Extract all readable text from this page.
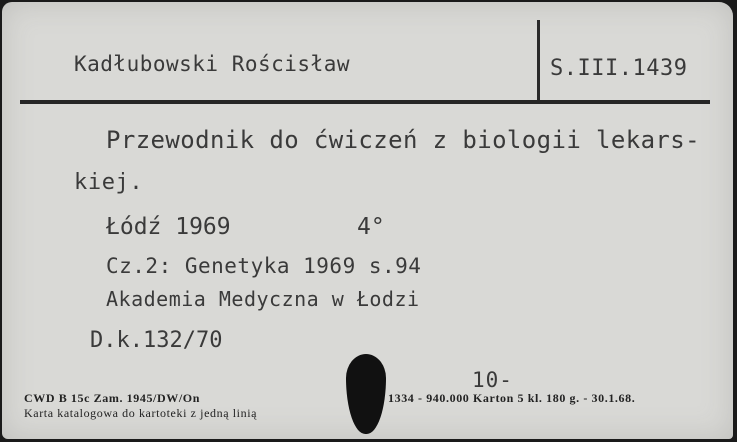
Kadłubowski Rościsław	S.III.1439
Przewodnik do ćwiczeń z biologii lekars-
kiej.
Łódź 1969	4°
Cz.2: Genetyka 1969 s.94
Akademia Medyczna w Łodzi
D.k.132/70
10-
CWD B 15c Zam. 1945/DW/On
Karta katalogowa do kartoteki z jedną linią
1334 - 940.000 Karton 5 kl. 180 g. - 30.1.68.
